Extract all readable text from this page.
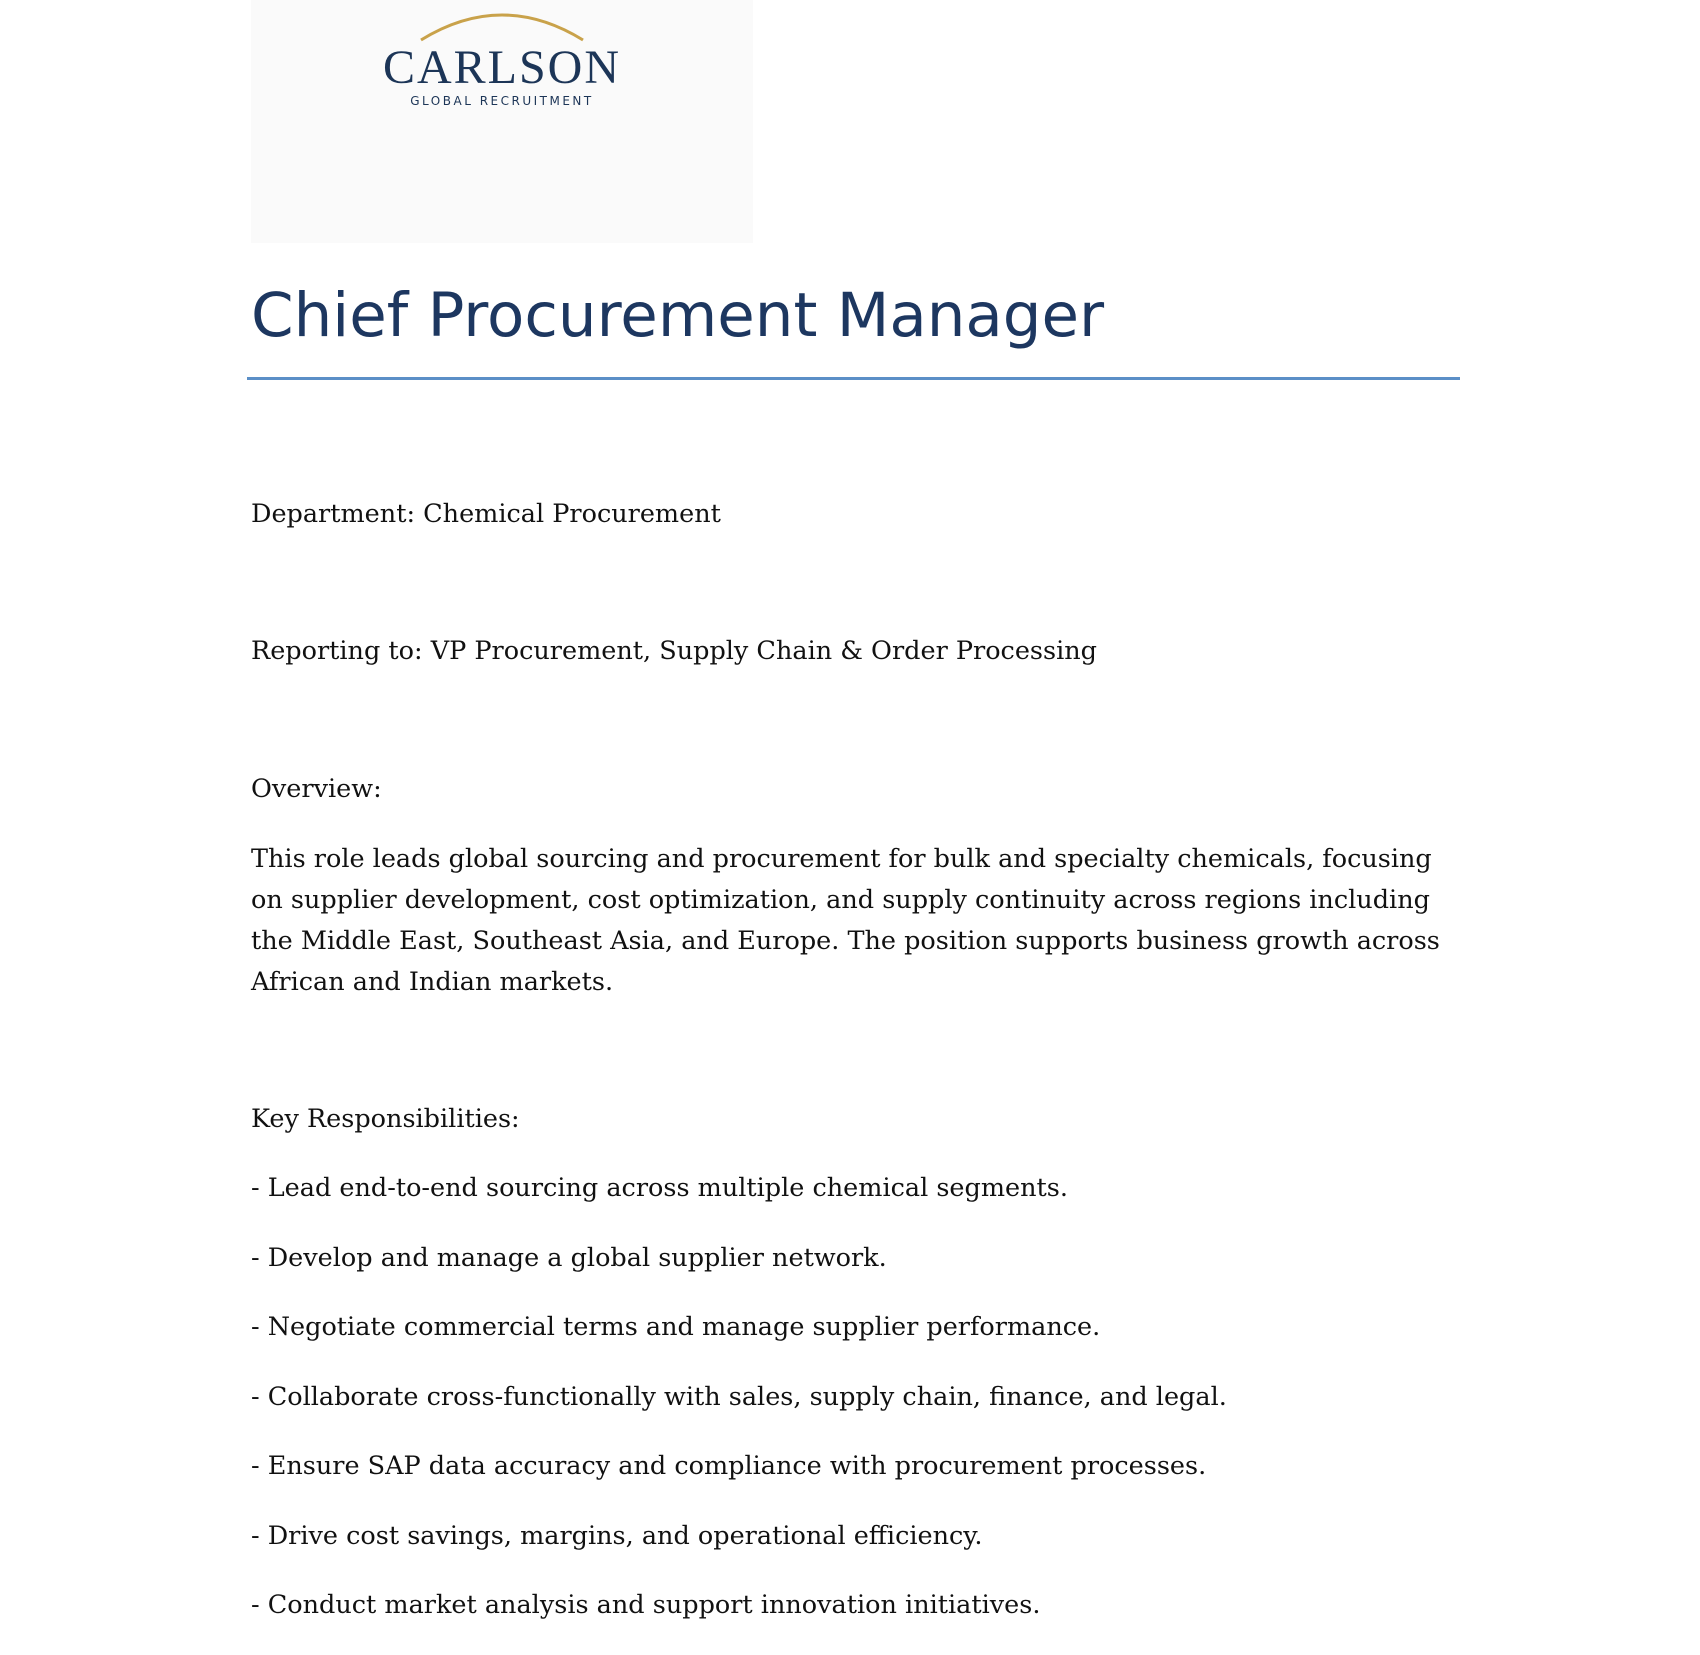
CARLSON
GLOBAL RECRUITMENT
Chief Procurement Manager

Department: Chemical Procurement

Reporting to: VP Procurement, Supply Chain & Order Processing

Overview:

This role leads global sourcing and procurement for bulk and specialty chemicals, focusing
on supplier development, cost optimization, and supply continuity across regions including
the Middle East, Southeast Asia, and Europe. The position supports business growth across
African and Indian markets.

Key Responsibilities:

- Lead end-to-end sourcing across multiple chemical segments.
- Develop and manage a global supplier network.
- Negotiate commercial terms and manage supplier performance.
- Collaborate cross-functionally with sales, supply chain, finance, and legal.
- Ensure SAP data accuracy and compliance with procurement processes.
- Drive cost savings, margins, and operational efficiency.
- Conduct market analysis and support innovation initiatives.
